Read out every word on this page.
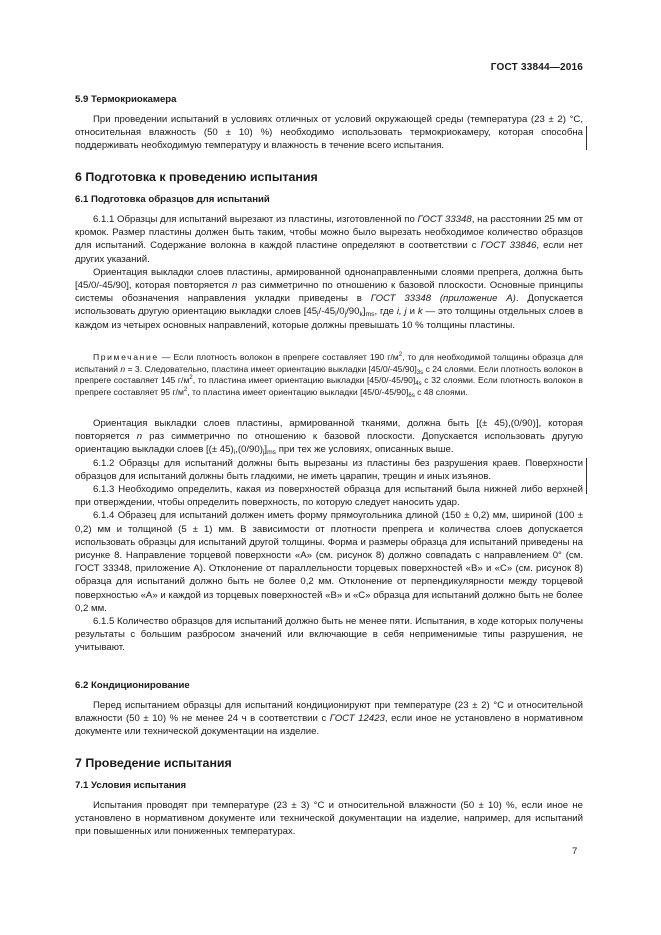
ГОСТ 33844—2016
5.9 Термокриокамера

При проведении испытаний в условиях отличных от условий окружающей среды (температура (23 ± 2) °С, относительная влажность (50 ± 10) %) необходимо использовать термокриокамеру, которая способна поддерживать необходимую температуру и влажность в течение всего испытания.

6 Подготовка к проведению испытания
6.1 Подготовка образцов для испытаний

6.1.1 Образцы для испытаний вырезают из пластины, изготовленной по ГОСТ 33348, на расстоянии 25 мм от кромок. Размер пластины должен быть таким, чтобы можно было вырезать необходимое количество образцов для испытаний. Содержание волокна в каждой пластине определяют в соответствии с ГОСТ 33846, если нет других указаний.

Ориентация выкладки слоев пластины, армированной однонаправленными слоями препрега, должна быть [45/0/-45/90], которая повторяется n раз симметрично по отношению к базовой плоскости. Основные принципы системы обозначения направления укладки приведены в ГОСТ 33348 (приложение А). Допускается использовать другую ориентацию выкладки слоев $[45_i/-45_i/0_j/90_k]_{ms}$, где i, j и k — это толщины отдельных слоев в каждом из четырех основных направлений, которые должны превышать 10 % толщины пластины.

Примечание — Если плотность волокон в препреге составляет 190 $г/м^2$, то для необходимой толщины образца для испытаний n = 3. Следовательно, пластина имеет ориентацию выкладки $[45/0/-45/90]_{3s}$ с 24 слоями. Если плотность волокон в препреге составляет 145 $г/м^2$, то пластина имеет ориентацию выкладки $[45/0/-45/90]_{4s}$ с 32 слоями. Если плотность волокон в препреге составляет 95 $г/м^2$, то пластина имеет ориентацию выкладки $[45/0/-45/90]_{6s}$ с 48 слоями.

Ориентация выкладки слоев пластины, армированной тканями, должна быть [(± 45),(0/90)], которая повторяется n раз симметрично по отношению к базовой плоскости. Допускается использовать другую ориентацию выкладки слоев [(± $45)_i,(0/90)_j]_{ms}$ при тех же условиях, описанных выше.

6.1.2 Образцы для испытаний должны быть вырезаны из пластины без разрушения краев. Поверхности образцов для испытаний должны быть гладкими, не иметь царапин, трещин и иных изъянов.

6.1.3 Необходимо определить, какая из поверхностей образца для испытаний была нижней либо верхней при отверждении, чтобы определить поверхность, по которую следует наносить удар.

6.1.4 Образец для испытаний должен иметь форму прямоугольника длиной (150 ± 0,2) мм, шириной (100 ± 0,2) мм и толщиной (5 ± 1) мм. В зависимости от плотности препрега и количества слоев допускается использовать образцы для испытаний другой толщины. Форма и размеры образца для испытаний приведены на рисунке 8. Направление торцевой поверхности «А» (см. рисунок 8) должно совпадать с направлением 0° (см. ГОСТ 33348, приложение А). Отклонение от параллельности торцевых поверхностей «В» и «С» (см. рисунок 8) образца для испытаний должно быть не более 0,2 мм. Отклонение от перпендикулярности между торцевой поверхностью «А» и каждой из торцевых поверхностей «В» и «С» образца для испытаний должно быть не более 0,2 мм.

6.1.5 Количество образцов для испытаний должно быть не менее пяти. Испытания, в ходе которых получены результаты с большим разбросом значений или включающие в себя неприменимые типы разрушения, не учитывают.

6.2 Кондиционирование

Перед испытанием образцы для испытаний кондиционируют при температуре (23 ± 2) °С и относительной влажности (50 ± 10) % не менее 24 ч в соответствии с ГОСТ 12423, если иное не установлено в нормативном документе или технической документации на изделие.

7 Проведение испытания
7.1 Условия испытания

Испытания проводят при температуре (23 ± 3) °С и относительной влажности (50 ± 10) %, если иное не установлено в нормативном документе или технической документации на изделие, например, для испытаний при повышенных или пониженных температурах.

7
